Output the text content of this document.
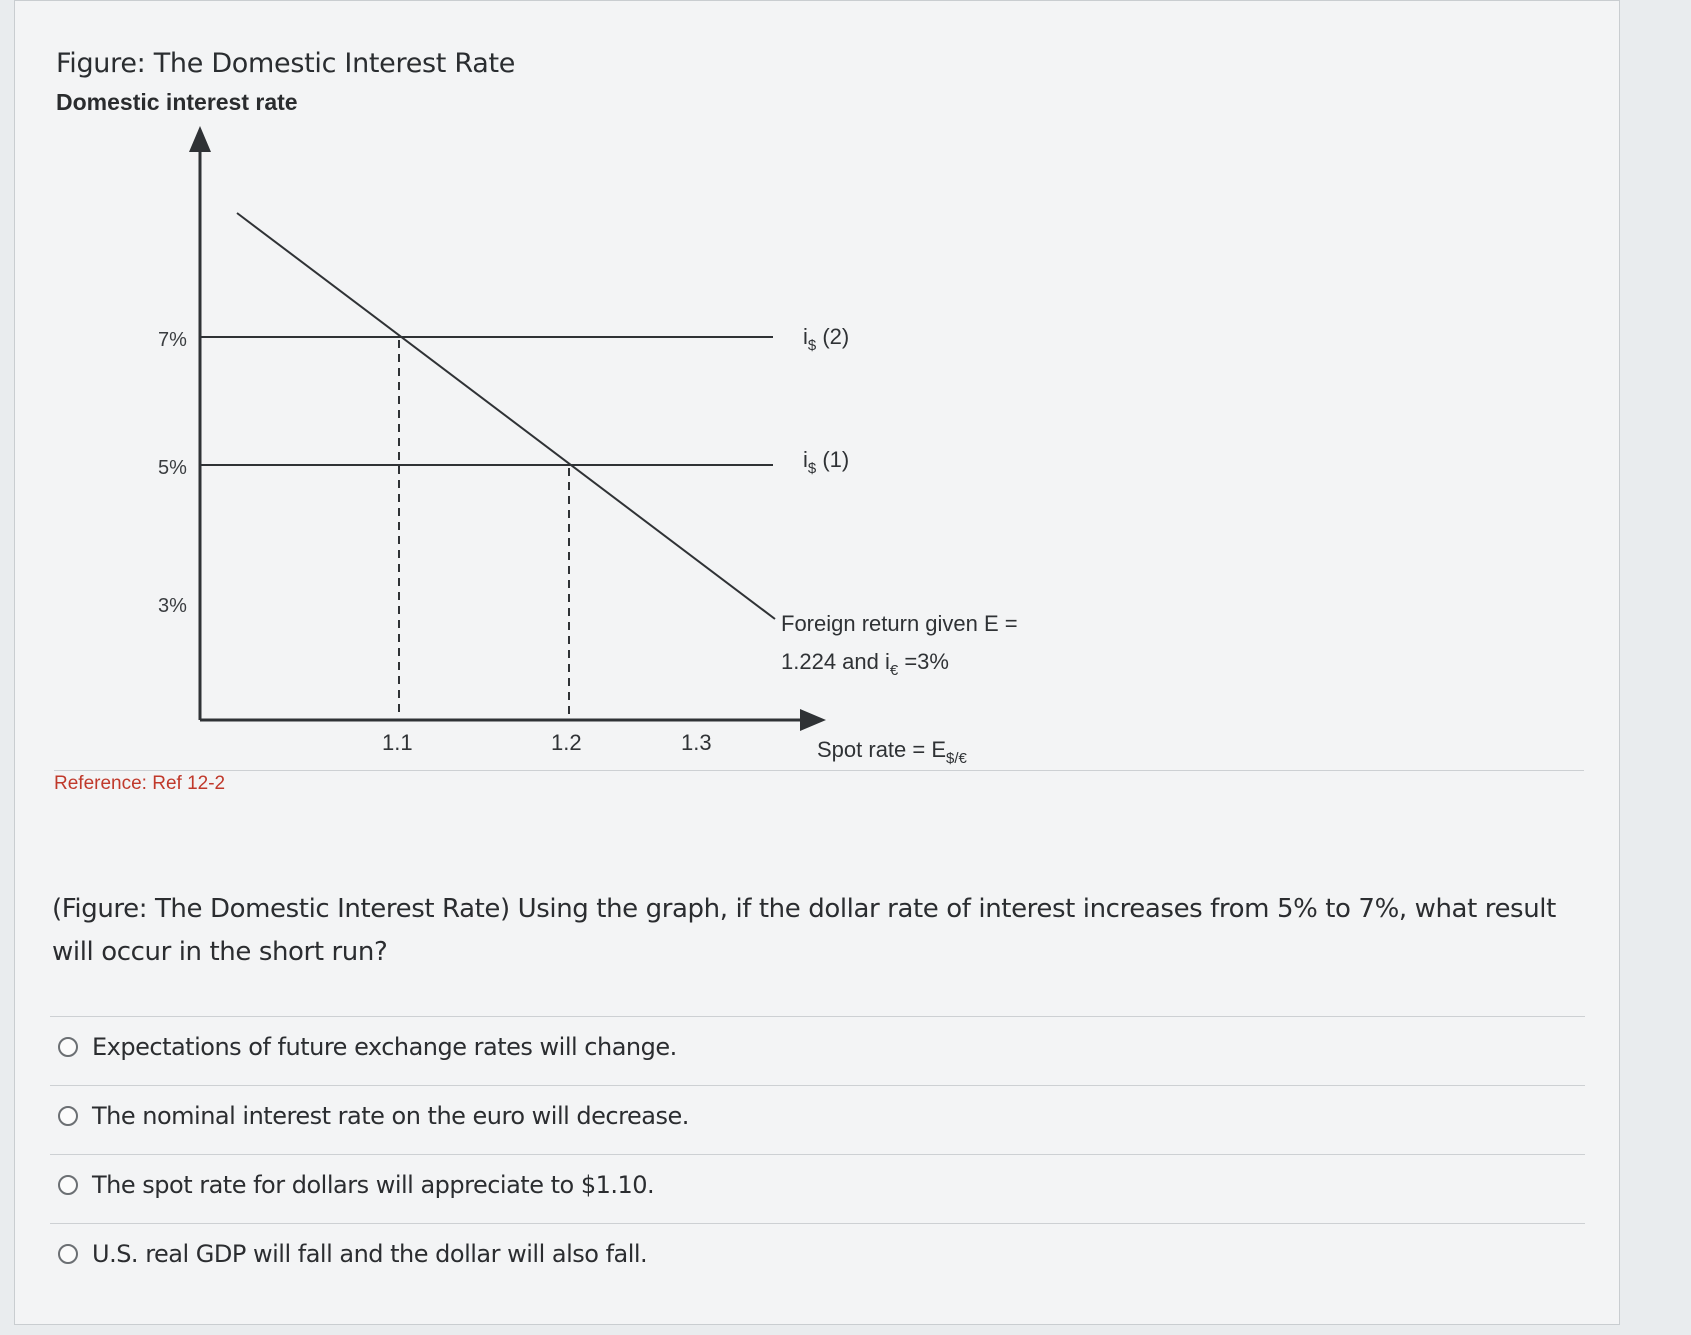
Figure: The Domestic Interest Rate
Domestic interest rate
7%
5%
3%
1.1	1.2	1.3
$i_{\$}$ (2)
$i_{\$}$ (1)
Foreign return given E =
1.224 and $i_€ =3\%$
Spot rate = $E_{\$/€}$
Reference: Ref 12-2
(Figure: The Domestic Interest Rate) Using the graph, if the dollar rate of interest increases from 5% to 7%, what result will occur in the short run?
Expectations of future exchange rates will change.
The nominal interest rate on the euro will decrease.
The spot rate for dollars will appreciate to $1.10.
U.S. real GDP will fall and the dollar will also fall.
